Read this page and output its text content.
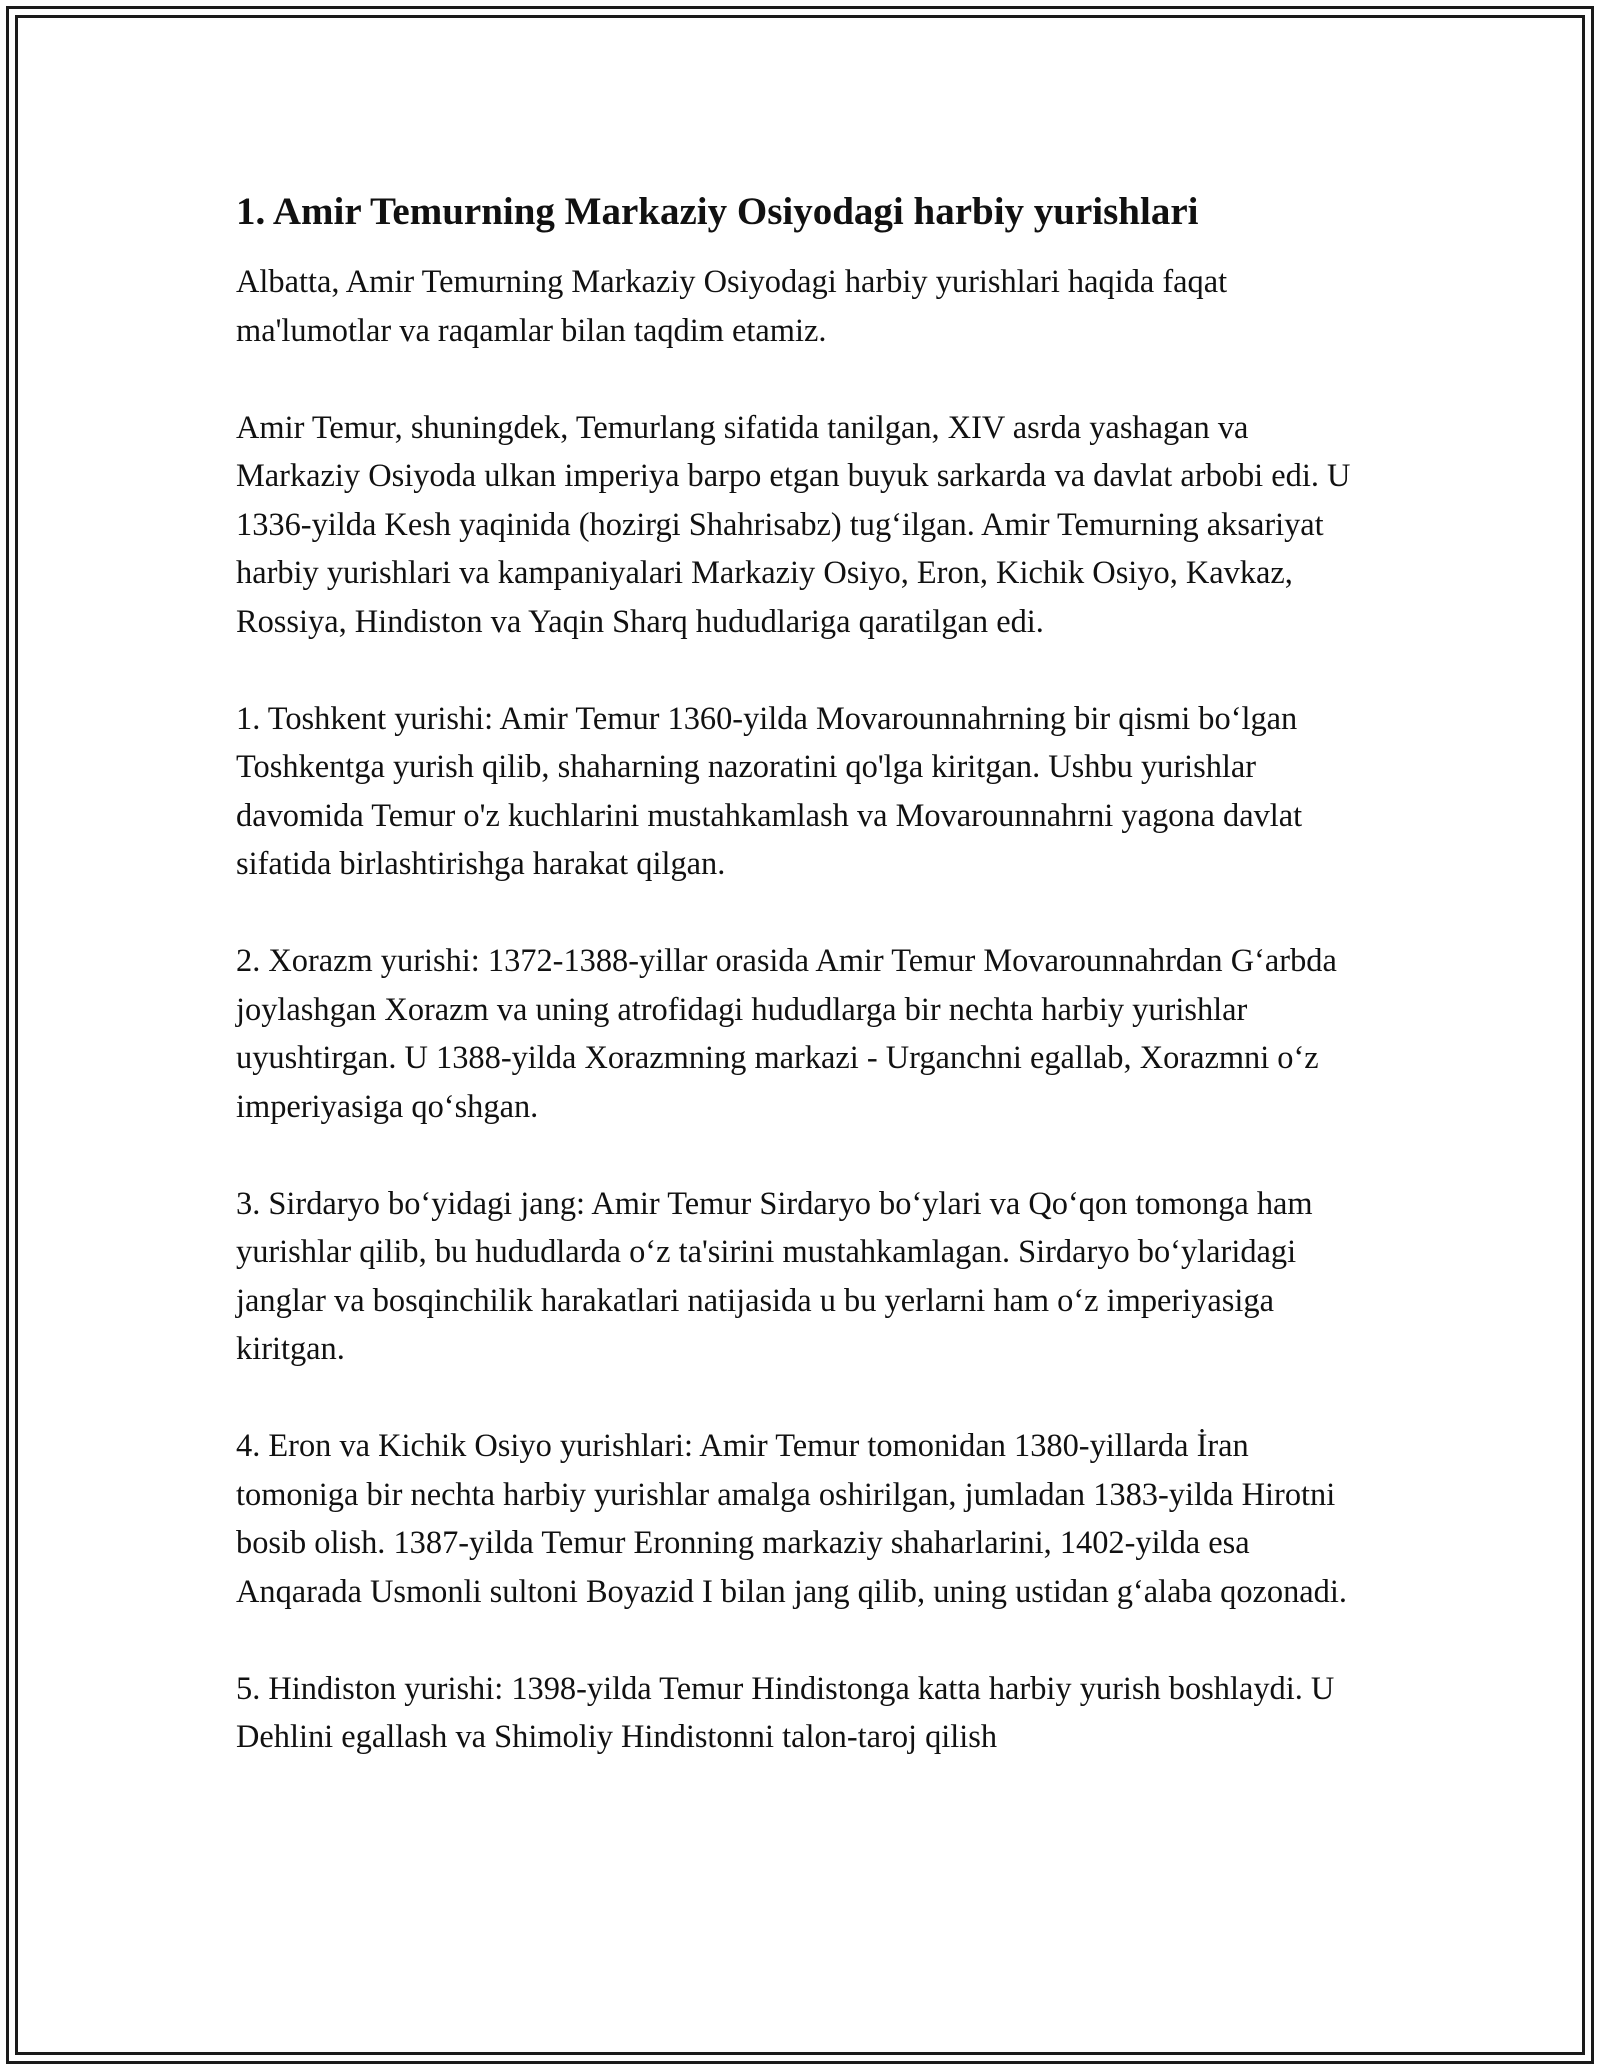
1. Amir Temurning Markaziy Osiyodagi harbiy yurishlari

Albatta, Amir Temurning Markaziy Osiyodagi harbiy yurishlari haqida faqat ma'lumotlar va raqamlar bilan taqdim etamiz.

Amir Temur, shuningdek, Temurlang sifatida tanilgan, XIV asrda yashagan va Markaziy Osiyoda ulkan imperiya barpo etgan buyuk sarkarda va davlat arbobi edi. U 1336-yilda Kesh yaqinida (hozirgi Shahrisabz) tug‘ilgan. Amir Temurning aksariyat harbiy yurishlari va kampaniyalari Markaziy Osiyo, Eron, Kichik Osiyo, Kavkaz, Rossiya, Hindiston va Yaqin Sharq hududlariga qaratilgan edi.

1. Toshkent yurishi: Amir Temur 1360-yilda Movarounnahrning bir qismi bo‘lgan Toshkentga yurish qilib, shaharning nazoratini qo'lga kiritgan. Ushbu yurishlar davomida Temur o'z kuchlarini mustahkamlash va Movarounnahrni yagona davlat sifatida birlashtirishga harakat qilgan.

2. Xorazm yurishi: 1372-1388-yillar orasida Amir Temur Movarounnahrdan G‘arbda joylashgan Xorazm va uning atrofidagi hududlarga bir nechta harbiy yurishlar uyushtirgan. U 1388-yilda Xorazmning markazi - Urganchni egallab, Xorazmni o‘z imperiyasiga qo‘shgan.

3. Sirdaryo bo‘yidagi jang: Amir Temur Sirdaryo bo‘ylari va Qo‘qon tomonga ham yurishlar qilib, bu hududlarda o‘z ta'sirini mustahkamlagan. Sirdaryo bo‘ylaridagi janglar va bosqinchilik harakatlari natijasida u bu yerlarni ham o‘z imperiyasiga kiritgan.

4. Eron va Kichik Osiyo yurishlari: Amir Temur tomonidan 1380-yillarda İran tomoniga bir nechta harbiy yurishlar amalga oshirilgan, jumladan 1383-yilda Hirotni bosib olish. 1387-yilda Temur Eronning markaziy shaharlarini, 1402-yilda esa Anqarada Usmonli sultoni Boyazid I bilan jang qilib, uning ustidan g‘alaba qozonadi.

5. Hindiston yurishi: 1398-yilda Temur Hindistonga katta harbiy yurish boshlaydi. U Dehlini egallash va Shimoliy Hindistonni talon-taroj qilish
